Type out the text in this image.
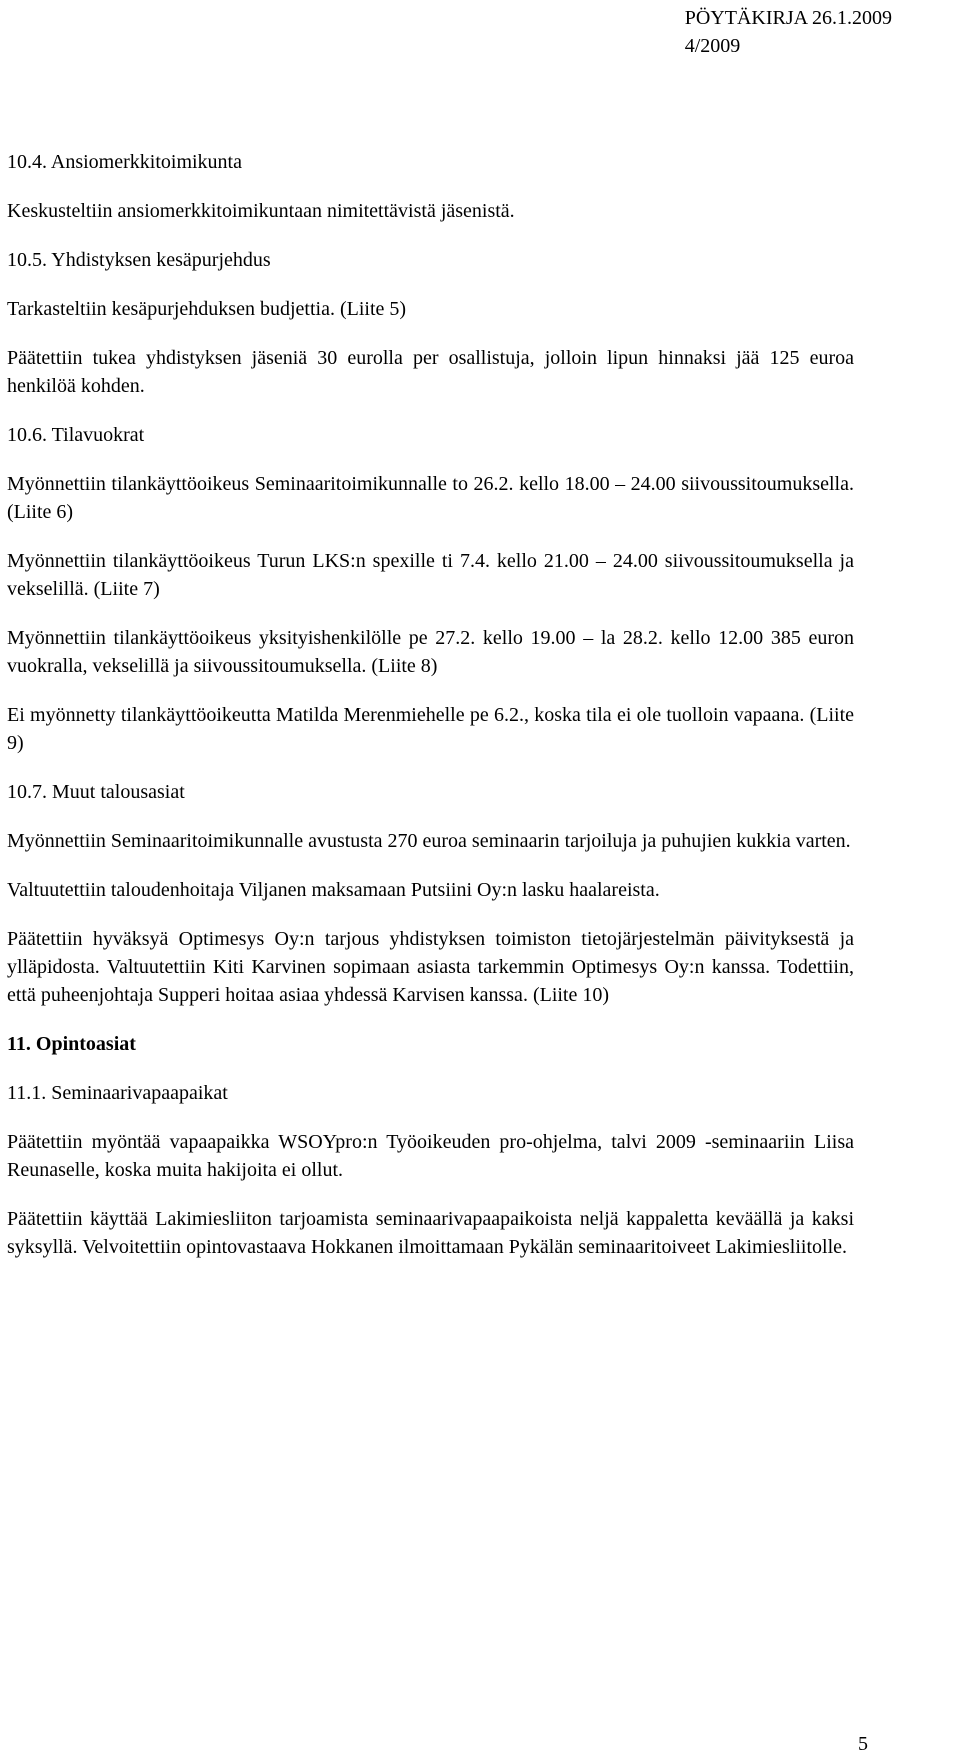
PÖYTÄKIRJA 26.1.2009
4/2009

10.4. Ansiomerkkitoimikunta

Keskusteltiin ansiomerkkitoimikuntaan nimitettävistä jäsenistä.

10.5. Yhdistyksen kesäpurjehdus

Tarkasteltiin kesäpurjehduksen budjettia. (Liite 5)

Päätettiin tukea yhdistyksen jäseniä 30 eurolla per osallistuja, jolloin lipun hinnaksi jää 125 euroa henkilöä kohden.

10.6. Tilavuokrat

Myönnettiin tilankäyttöoikeus Seminaaritoimikunnalle to 26.2. kello 18.00 – 24.00 siivoussitoumuksella. (Liite 6)

Myönnettiin tilankäyttöoikeus Turun LKS:n spexille ti 7.4. kello 21.00 – 24.00 siivoussitoumuksella ja vekselillä. (Liite 7)

Myönnettiin tilankäyttöoikeus yksityishenkilölle pe 27.2. kello 19.00 – la 28.2. kello 12.00 385 euron vuokralla, vekselillä ja siivoussitoumuksella. (Liite 8)

Ei myönnetty tilankäyttöoikeutta Matilda Merenmiehelle pe 6.2., koska tila ei ole tuolloin vapaana. (Liite 9)

10.7. Muut talousasiat

Myönnettiin Seminaaritoimikunnalle avustusta 270 euroa seminaarin tarjoiluja ja puhujien kukkia varten.

Valtuutettiin taloudenhoitaja Viljanen maksamaan Putsiini Oy:n lasku haalareista.

Päätettiin hyväksyä Optimesys Oy:n tarjous yhdistyksen toimiston tietojärjestelmän päivityksestä ja ylläpidosta. Valtuutettiin Kiti Karvinen sopimaan asiasta tarkemmin Optimesys Oy:n kanssa. Todettiin, että puheenjohtaja Supperi hoitaa asiaa yhdessä Karvisen kanssa. (Liite 10)

11. Opintoasiat

11.1. Seminaarivapaapaikat

Päätettiin myöntää vapaapaikka WSOYpro:n Työoikeuden pro-ohjelma, talvi 2009 -seminaariin Liisa Reunaselle, koska muita hakijoita ei ollut.

Päätettiin käyttää Lakimiesliiton tarjoamista seminaarivapaapaikoista neljä kappaletta keväällä ja kaksi syksyllä. Velvoitettiin opintovastaava Hokkanen ilmoittamaan Pykälän seminaaritoiveet Lakimiesliitolle.

5
